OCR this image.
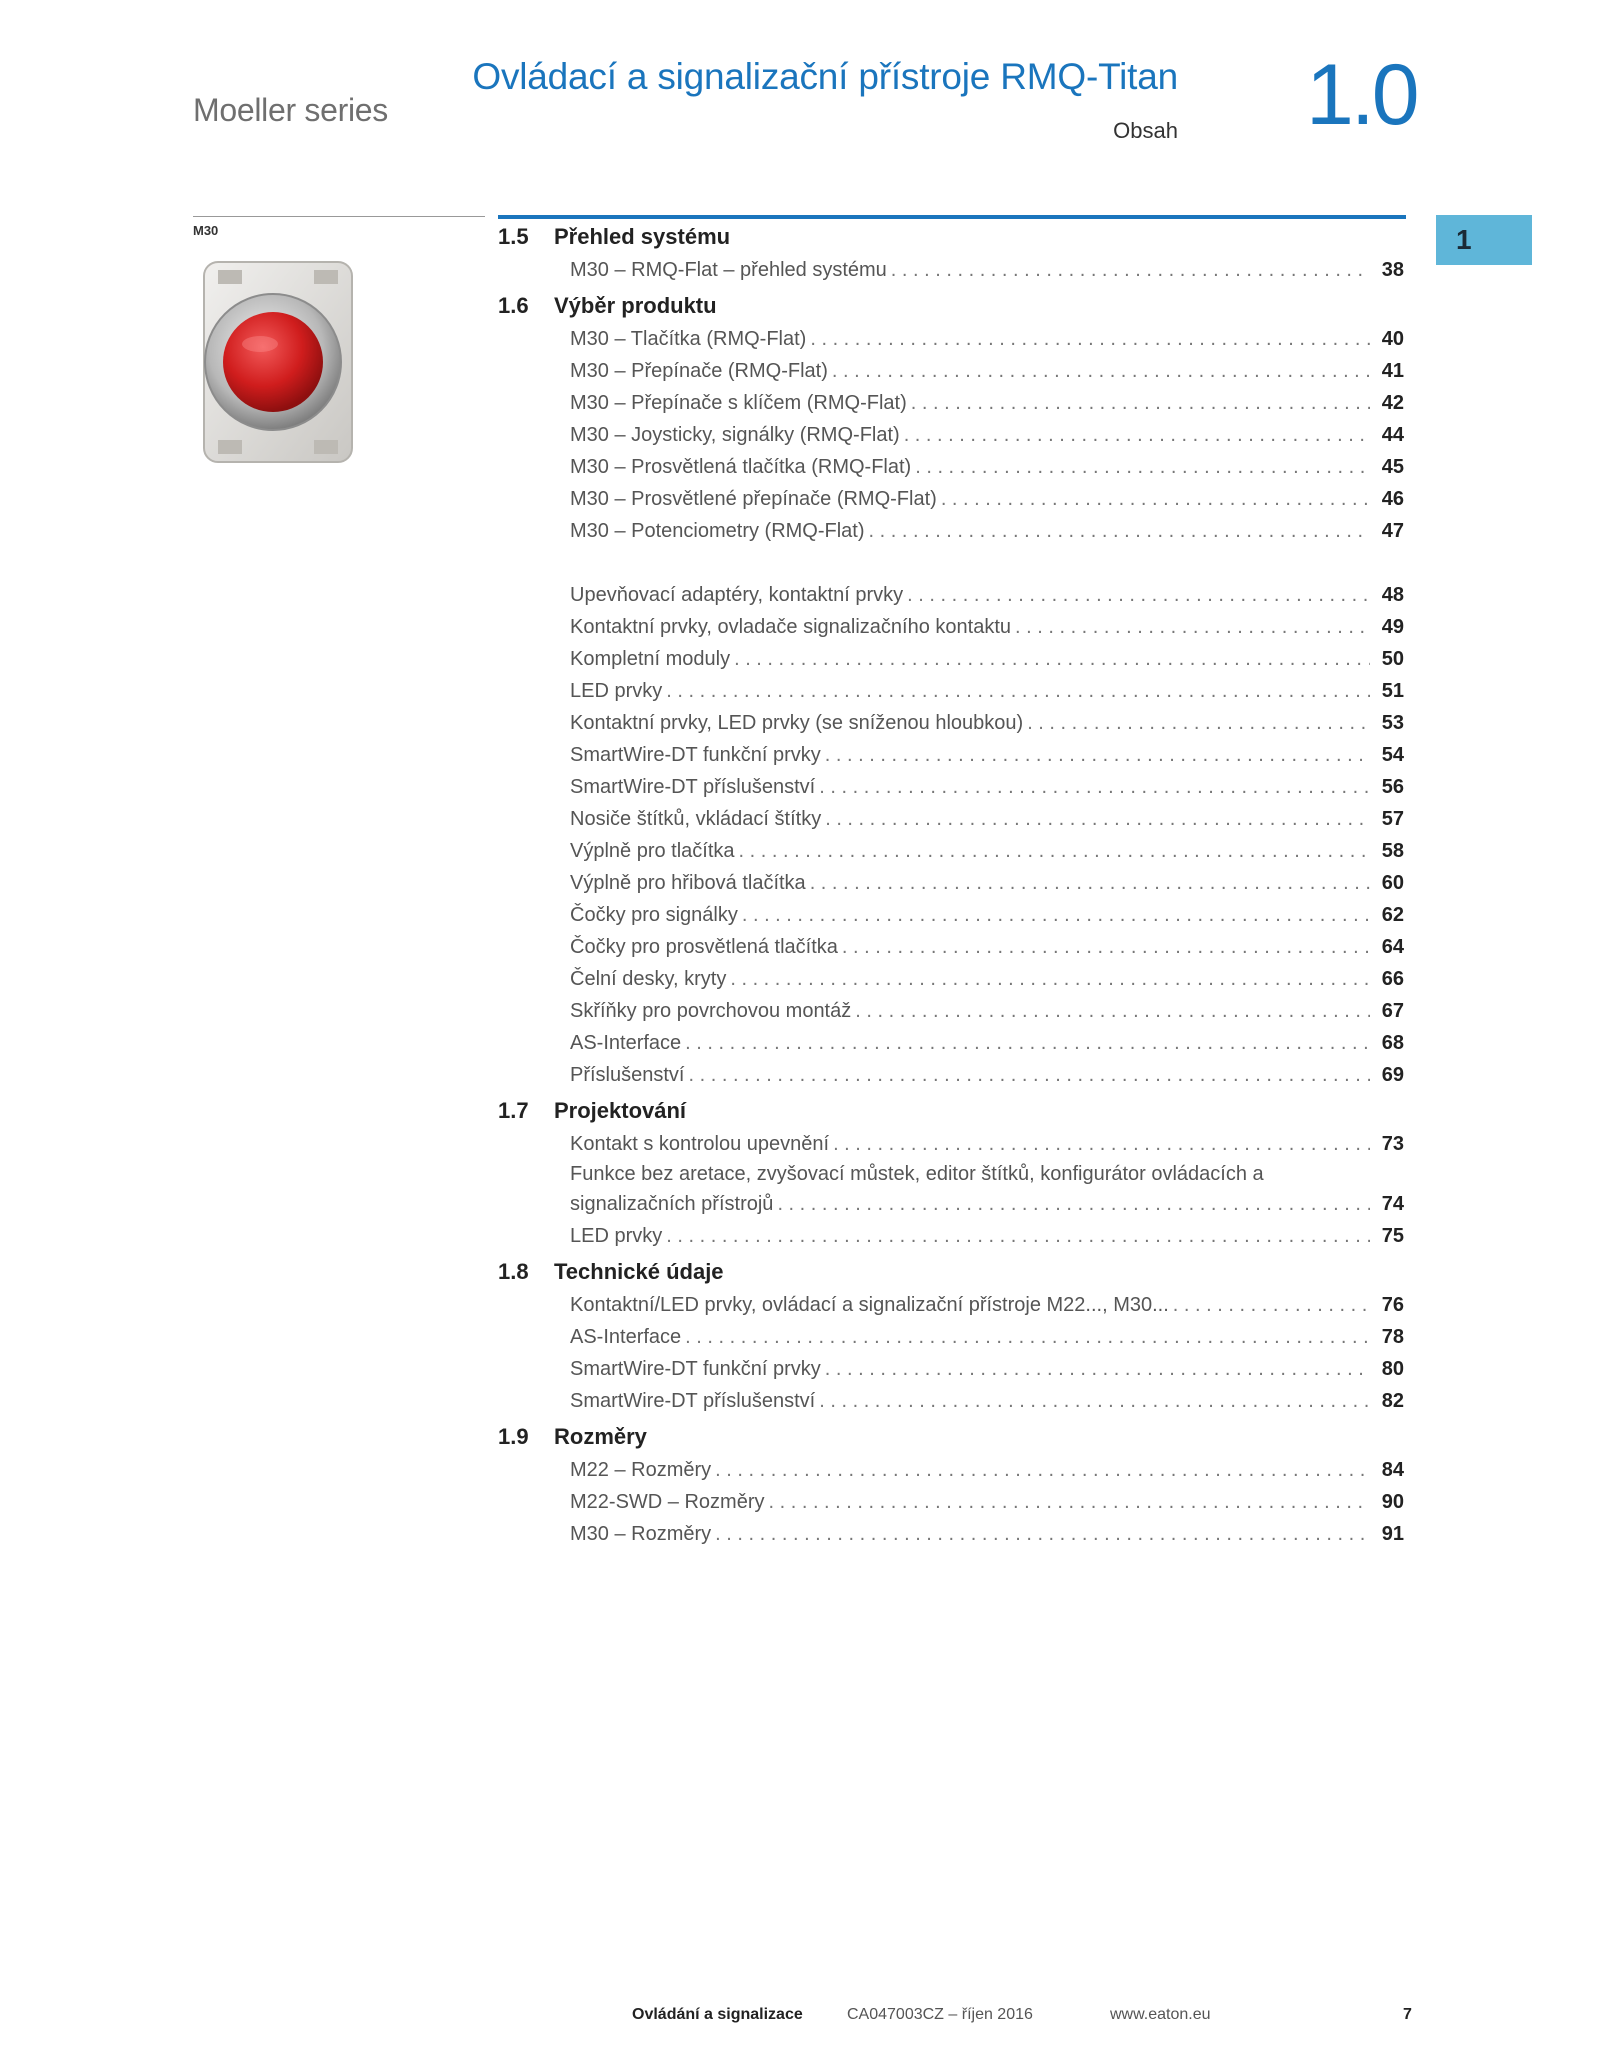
Moeller series
Ovládací a signalizační přístroje RMQ-Titan
Obsah 1.0
M30	1
1.5 Přehled systému
M30 – RMQ-Flat – přehled systému . . .	38
1.6 Výběr produktu
M30 – Tlačítka (RMQ-Flat) . . .	40
M30 – Přepínače (RMQ-Flat) . . .	41
M30 – Přepínače s klíčem (RMQ-Flat) . . .	42
M30 – Joysticky, signálky (RMQ-Flat) . . .	44
M30 – Prosvětlená tlačítka (RMQ-Flat) . . .	45
M30 – Prosvětlené přepínače (RMQ-Flat) . . .	46
M30 – Potenciometry (RMQ-Flat) . . .	47
Upevňovací adaptéry, kontaktní prvky . . .	48
Kontaktní prvky, ovladače signalizačního kontaktu . . .	49
Kompletní moduly . . .	50
LED prvky . . .	51
Kontaktní prvky, LED prvky (se sníženou hloubkou) . . .	53
SmartWire-DT funkční prvky . . .	54
SmartWire-DT příslušenství . . .	56
Nosiče štítků, vkládací štítky . . .	57
Výplně pro tlačítka . . .	58
Výplně pro hřibová tlačítka . . .	60
Čočky pro signálky . . .	62
Čočky pro prosvětlená tlačítka . . .	64
Čelní desky, kryty . . .	66
Skříňky pro povrchovou montáž . . .	67
AS-Interface . . .	68
Příslušenství . . .	69
1.7 Projektování
Kontakt s kontrolou upevnění . . .	73
Funkce bez aretace, zvyšovací můstek, editor štítků, konfigurátor ovládacích a
signalizačních přístrojů . . .	74
LED prvky . . .	75
1.8 Technické údaje
Kontaktní/LED prvky, ovládací a signalizační přístroje M22..., M30... . . .	76
AS-Interface . . .	78
SmartWire-DT funkční prvky . . .	80
SmartWire-DT příslušenství . . .	82
1.9 Rozměry
M22 – Rozměry . . .	84
M22-SWD – Rozměry . . .	90
M30 – Rozměry . . .	91
Ovládání a signalizace	CA047003CZ – říjen 2016	www.eaton.eu	7
